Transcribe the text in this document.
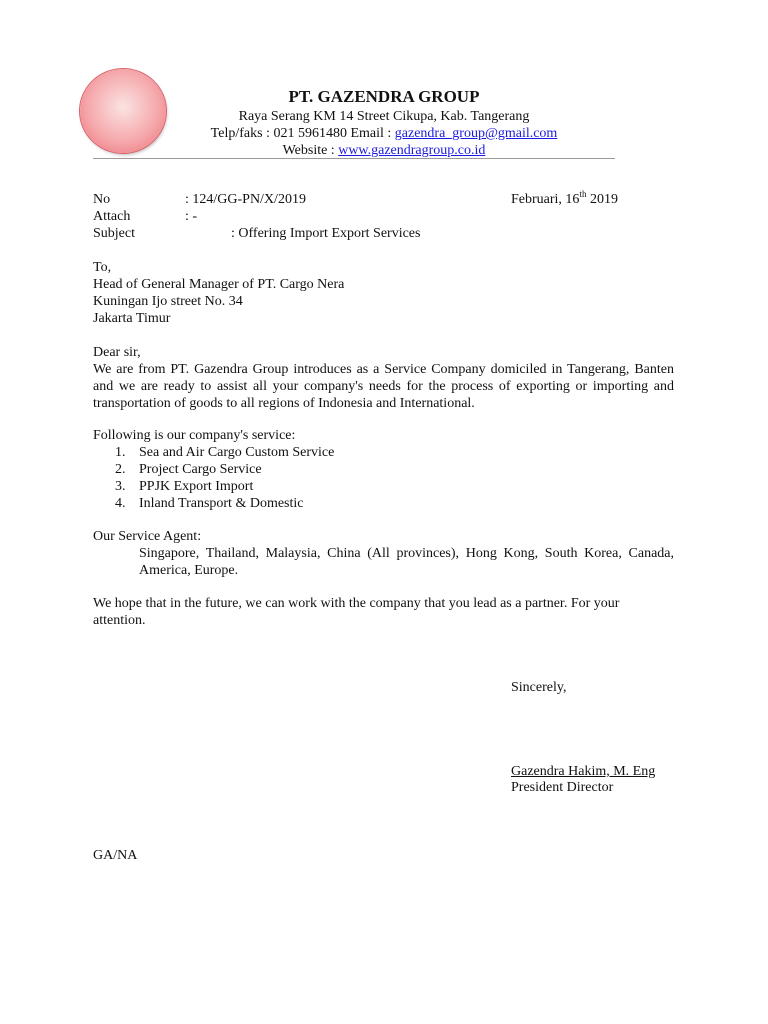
PT. GAZENDRA GROUP
Raya Serang KM 14 Street Cikupa, Kab. Tangerang
Telp/faks : 021 5961480 Email : gazendra_group@gmail.com
Website : www.gazendragroup.co.id
No	: 124/GG-PN/X/2019	Februari, 16th 2019
Attach	: -
Subject	: Offering Import Export Services
To,
Head of General Manager of PT. Cargo Nera
Kuningan Ijo street No. 34
Jakarta Timur
Dear sir,
We are from PT. Gazendra Group introduces as a Service Company domiciled in Tangerang, Banten and we are ready to assist all your company's needs for the process of exporting or importing and transportation of goods to all regions of Indonesia and International.
Following is our company's service:
1. Sea and Air Cargo Custom Service
2. Project Cargo Service
3. PPJK Export Import
4. Inland Transport & Domestic
Our Service Agent:
Singapore, Thailand, Malaysia, China (All provinces), Hong Kong, South Korea, Canada, America, Europe.
We hope that in the future, we can work with the company that you lead as a partner. For your attention.
Sincerely,
Gazendra Hakim, M. Eng
President Director
GA/NA
